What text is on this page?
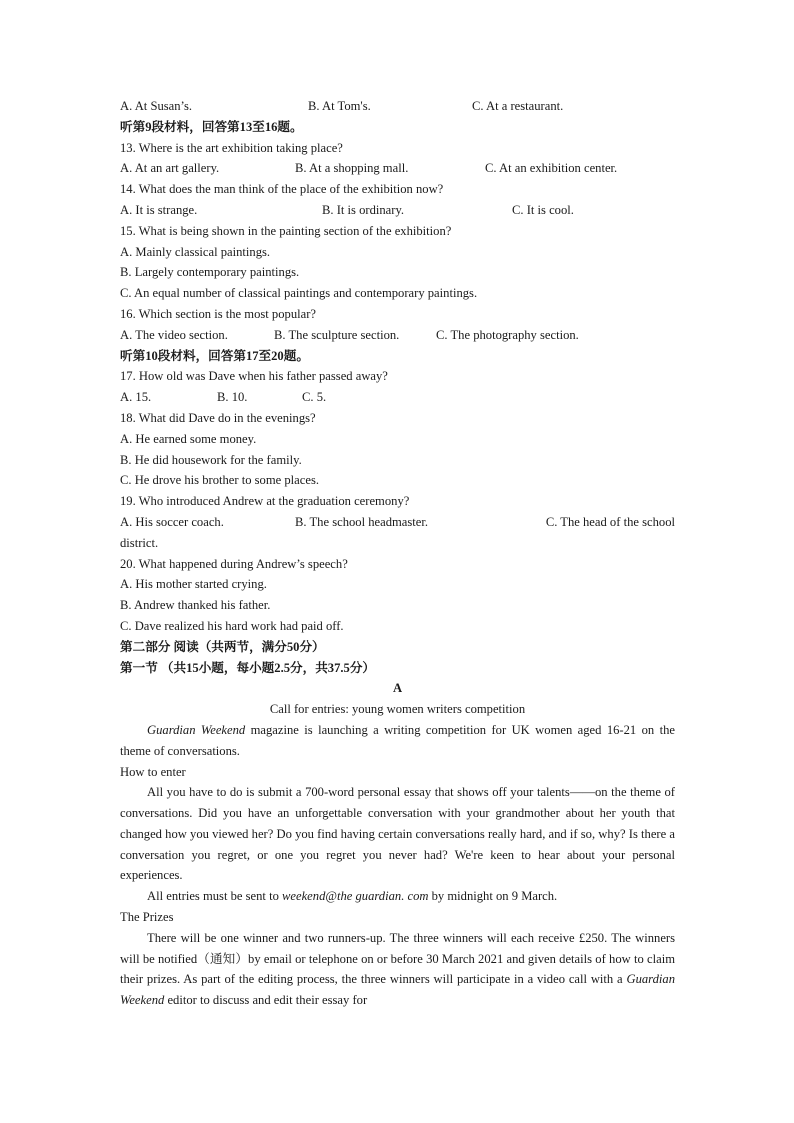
A. At Susan’s.	B. At Tom's.	C. At a restaurant.
听第9段材料，回答第13至16题。
13. Where is the art exhibition taking place?
A. At an art gallery.	B. At a shopping mall.	C. At an exhibition center.
14. What does the man think of the place of the exhibition now?
A. It is strange.	B. It is ordinary.	C. It is cool.
15. What is being shown in the painting section of the exhibition?
A. Mainly classical paintings.
B. Largely contemporary paintings.
C. An equal number of classical paintings and contemporary paintings.
16. Which section is the most popular?
A. The video section.	B. The sculpture section.	C. The photography section.
听第10段材料，回答第17至20题。
17. How old was Dave when his father passed away?
A. 15.	B. 10.	C. 5.
18. What did Dave do in the evenings?
A. He earned some money.
B. He did housework for the family.
C. He drove his brother to some places.
19. Who introduced Andrew at the graduation ceremony?
A. His soccer coach.	B. The school headmaster.	C. The head of the school
district.
20. What happened during Andrew’s speech?
A. His mother started crying.
B. Andrew thanked his father.
C. Dave realized his hard work had paid off.
第二部分 阅读（共两节，满分50分）
第一节 （共15小题，每小题2.5分，共37.5分）
A
Call for entries: young women writers competition

Guardian Weekend magazine is launching a writing competition for UK women aged 16-21 on the theme of conversations.

How to enter

All you have to do is submit a 700-word personal essay that shows off your talents——on the theme of conversations. Did you have an unforgettable conversation with your grandmother about her youth that changed how you viewed her? Do you find having certain conversations really hard, and if so, why? Is there a conversation you regret, or one you regret you never had? We're keen to hear about your personal experiences.

All entries must be sent to weekend@the guardian. com by midnight on 9 March.

The Prizes

There will be one winner and two runners-up. The three winners will each receive £250. The winners will be notified（通知）by email or telephone on or before 30 March 2021 and given details of how to claim their prizes. As part of the editing process, the three winners will participate in a video call with a Guardian Weekend editor to discuss and edit their essay for
